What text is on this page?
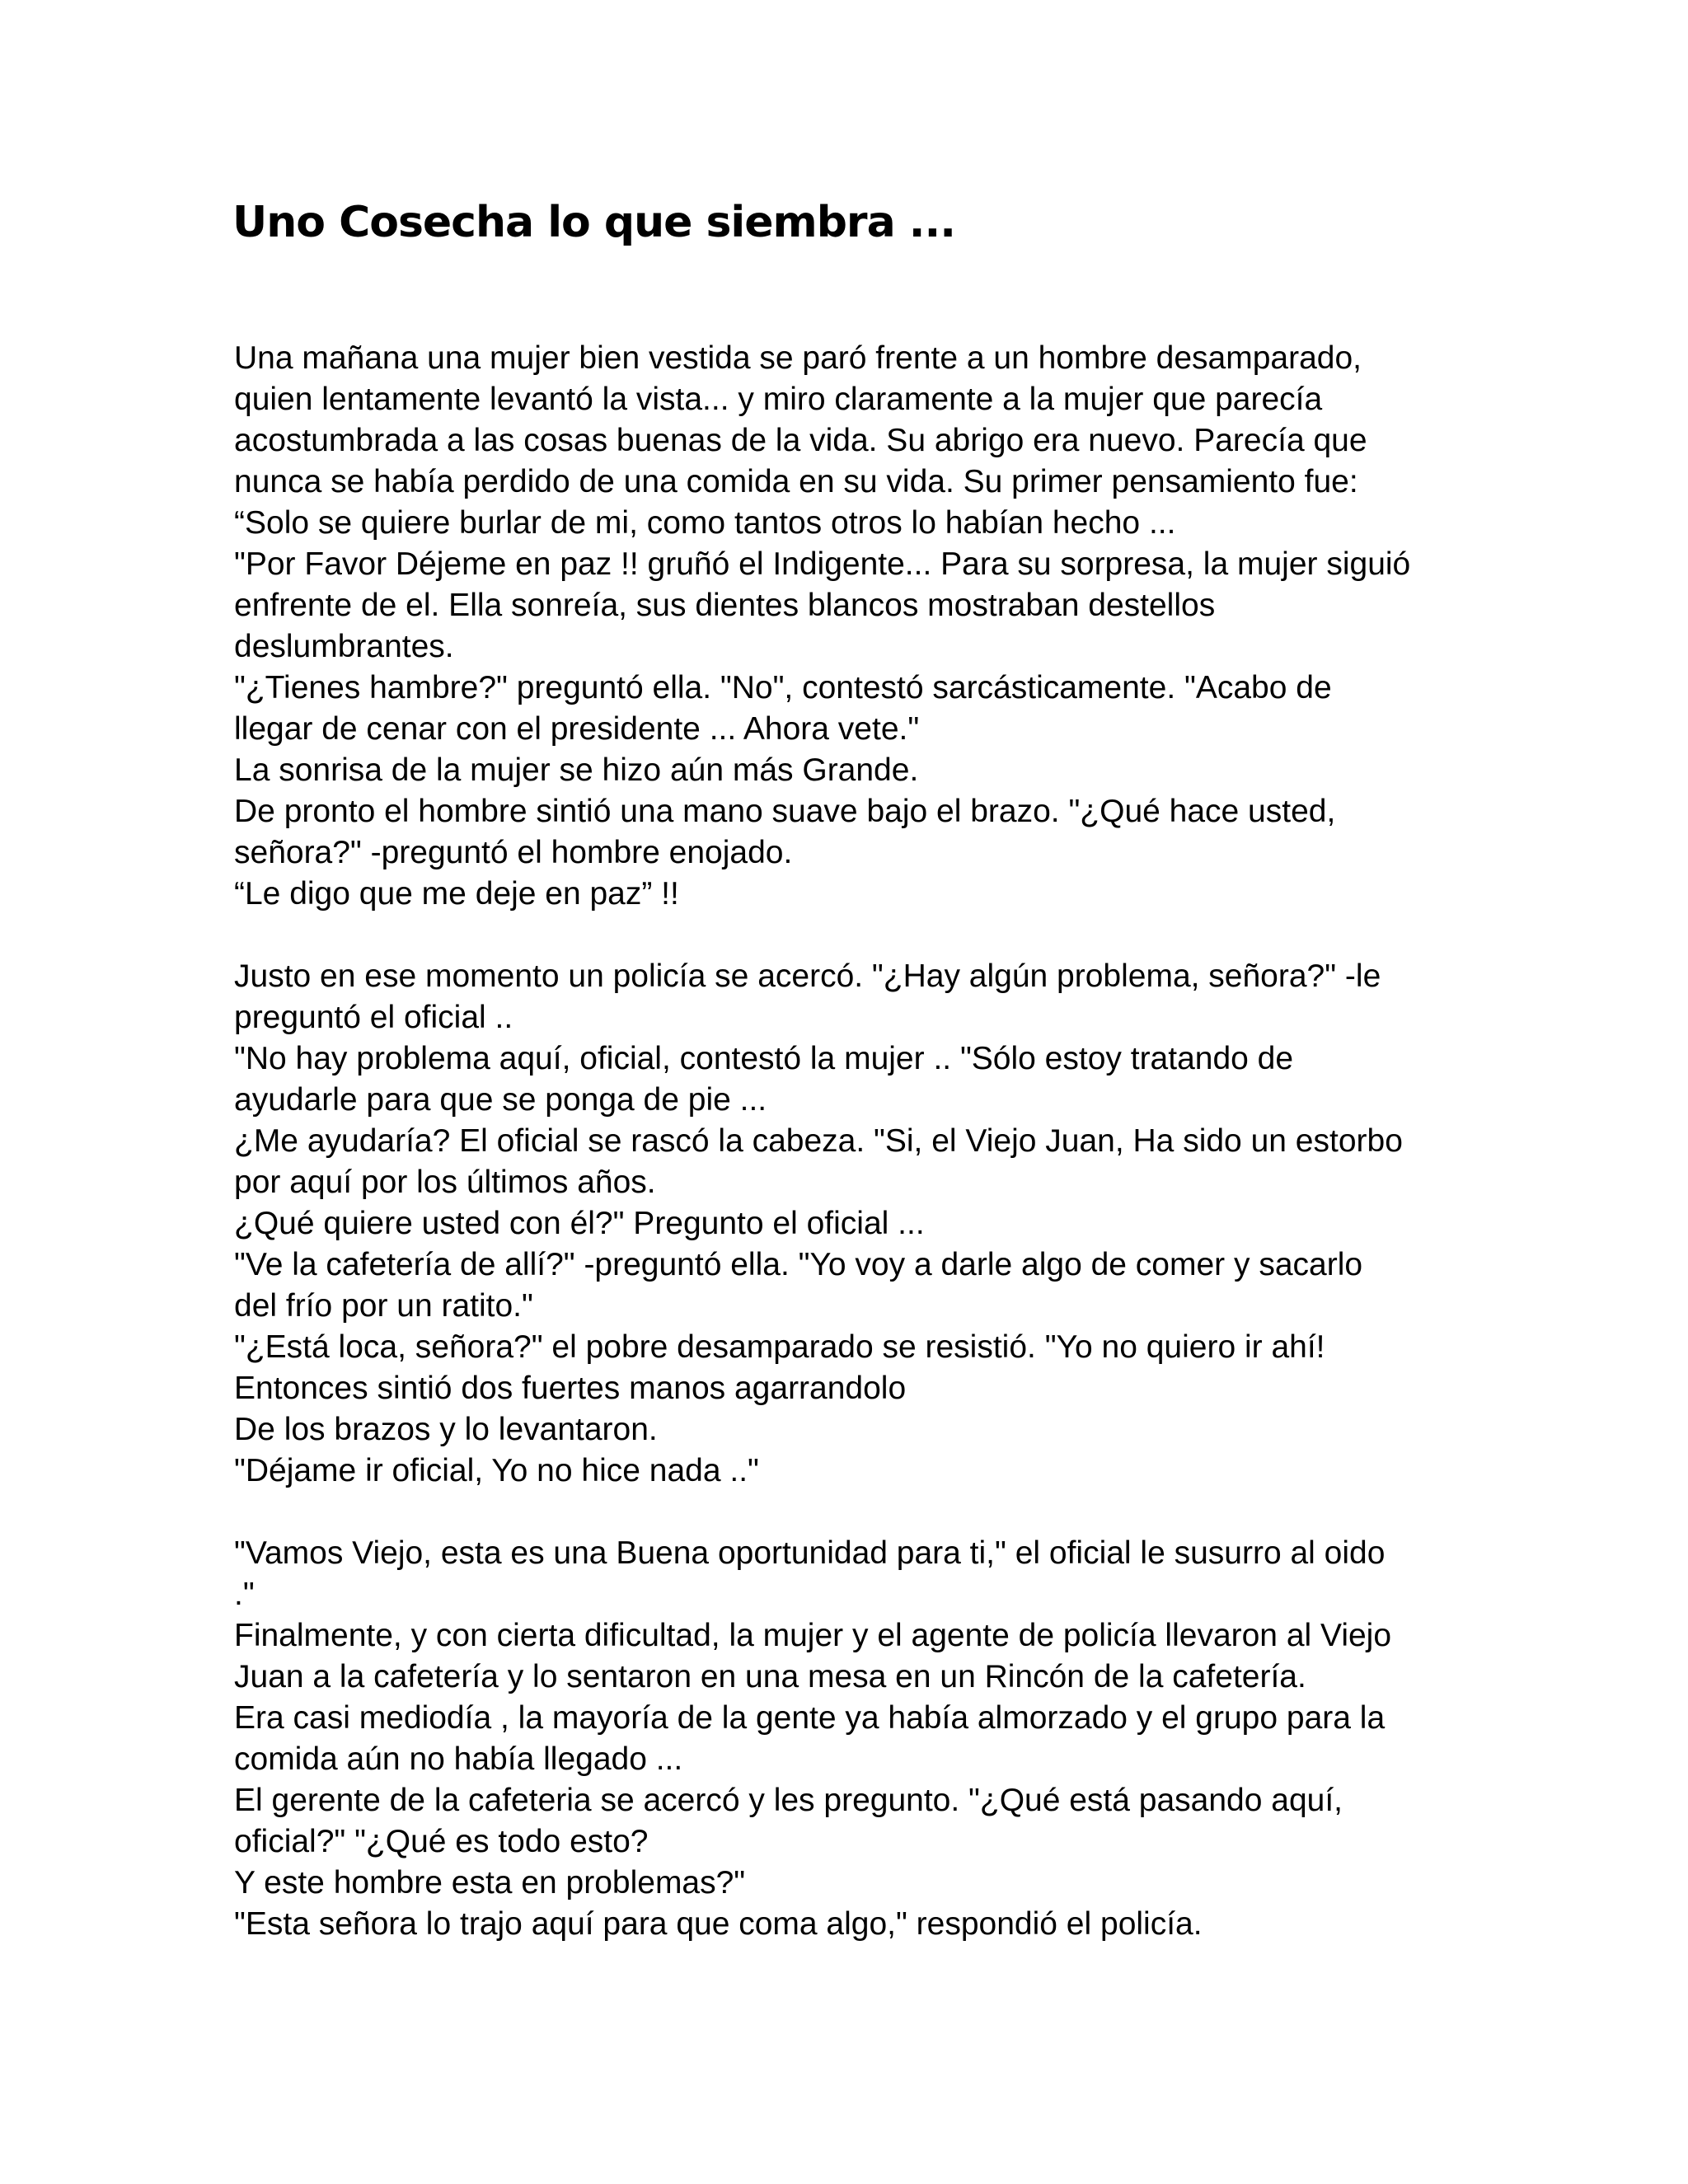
Uno Cosecha lo que siembra ...
Una mañana una mujer bien vestida se paró frente a un hombre desamparado,
quien lentamente levantó la vista... y miro claramente a la mujer que parecía
acostumbrada a las cosas buenas de la vida. Su abrigo era nuevo. Parecía que
nunca se había perdido de una comida en su vida. Su primer pensamiento fue:
“Solo se quiere burlar de mi, como tantos otros lo habían hecho ...
"Por Favor Déjeme en paz !! gruñó el Indigente... Para su sorpresa, la mujer siguió
enfrente de el. Ella sonreía, sus dientes blancos mostraban destellos
deslumbrantes.
"¿Tienes hambre?" preguntó ella. "No", contestó sarcásticamente. "Acabo de
llegar de cenar con el presidente ... Ahora vete."
La sonrisa de la mujer se hizo aún más Grande.
De pronto el hombre sintió una mano suave bajo el brazo. "¿Qué hace usted,
señora?" -preguntó el hombre enojado.
“Le digo que me deje en paz” !!
Justo en ese momento un policía se acercó. "¿Hay algún problema, señora?" -le
preguntó el oficial ..
"No hay problema aquí, oficial, contestó la mujer .. "Sólo estoy tratando de
ayudarle para que se ponga de pie ...
¿Me ayudaría? El oficial se rascó la cabeza. "Si, el Viejo Juan, Ha sido un estorbo
por aquí por los últimos años.
¿Qué quiere usted con él?" Pregunto el oficial ...
"Ve la cafetería de allí?" -preguntó ella. "Yo voy a darle algo de comer y sacarlo
del frío por un ratito."
"¿Está loca, señora?" el pobre desamparado se resistió. "Yo no quiero ir ahí!
Entonces sintió dos fuertes manos agarrandolo
De los brazos y lo levantaron.
"Déjame ir oficial, Yo no hice nada .."
"Vamos Viejo, esta es una Buena oportunidad para ti," el oficial le susurro al oido
."
Finalmente, y con cierta dificultad, la mujer y el agente de policía llevaron al Viejo
Juan a la cafetería y lo sentaron en una mesa en un Rincón de la cafetería.
Era casi mediodía , la mayoría de la gente ya había almorzado y el grupo para la
comida aún no había llegado ...
El gerente de la cafeteria se acercó y les pregunto. "¿Qué está pasando aquí,
oficial?" "¿Qué es todo esto?
Y este hombre esta en problemas?"
"Esta señora lo trajo aquí para que coma algo," respondió el policía.
